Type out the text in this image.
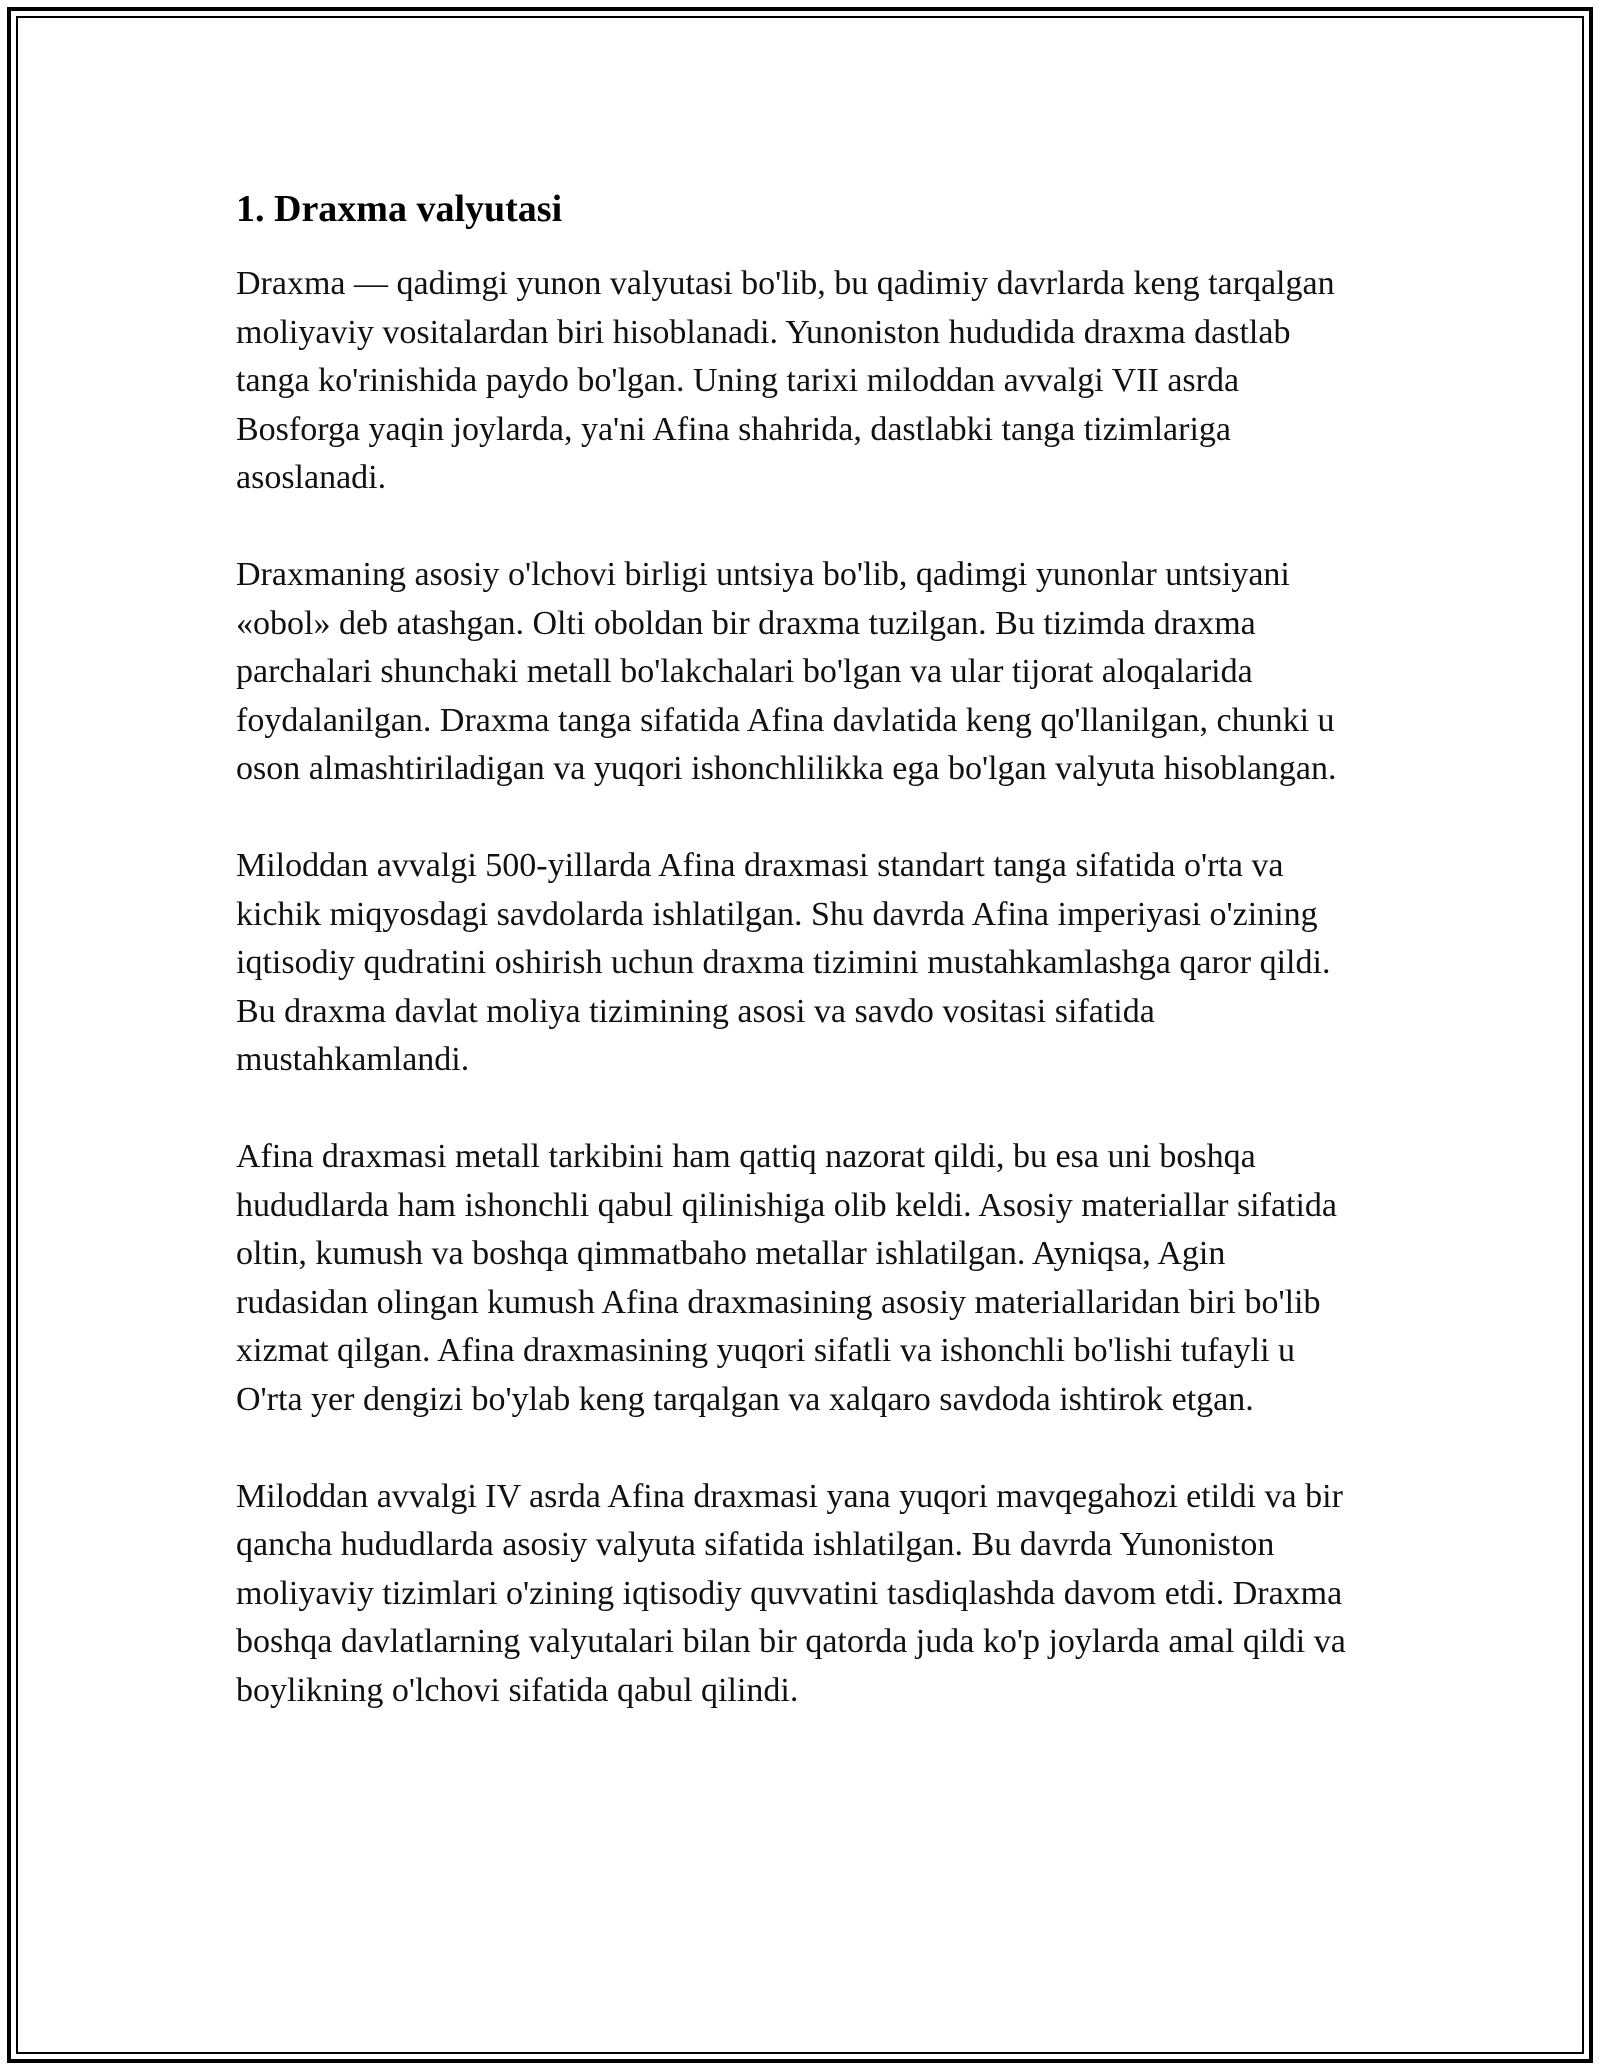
1. Draxma valyutasi

Draxma — qadimgi yunon valyutasi bo'lib, bu qadimiy davrlarda keng tarqalgan moliyaviy vositalardan biri hisoblanadi. Yunoniston hududida draxma dastlab tanga ko'rinishida paydo bo'lgan. Uning tarixi miloddan avvalgi VII asrda Bosforga yaqin joylarda, ya'ni Afina shahrida, dastlabki tanga tizimlariga asoslanadi.

Draxmaning asosiy o'lchovi birligi untsiya bo'lib, qadimgi yunonlar untsiyani «obol» deb atashgan. Olti oboldan bir draxma tuzilgan. Bu tizimda draxma parchalari shunchaki metall bo'lakchalari bo'lgan va ular tijorat aloqalarida foydalanilgan. Draxma tanga sifatida Afina davlatida keng qo'llanilgan, chunki u oson almashtiriladigan va yuqori ishonchlilikka ega bo'lgan valyuta hisoblangan.

Miloddan avvalgi 500-yillarda Afina draxmasi standart tanga sifatida o'rta va kichik miqyosdagi savdolarda ishlatilgan. Shu davrda Afina imperiyasi o'zining iqtisodiy qudratini oshirish uchun draxma tizimini mustahkamlashga qaror qildi. Bu draxma davlat moliya tizimining asosi va savdo vositasi sifatida mustahkamlandi.

Afina draxmasi metall tarkibini ham qattiq nazorat qildi, bu esa uni boshqa hududlarda ham ishonchli qabul qilinishiga olib keldi. Asosiy materiallar sifatida oltin, kumush va boshqa qimmatbaho metallar ishlatilgan. Ayniqsa, Agin rudasidan olingan kumush Afina draxmasining asosiy materiallaridan biri bo'lib xizmat qilgan. Afina draxmasining yuqori sifatli va ishonchli bo'lishi tufayli u O'rta yer dengizi bo'ylab keng tarqalgan va xalqaro savdoda ishtirok etgan.

Miloddan avvalgi IV asrda Afina draxmasi yana yuqori mavqegahozi etildi va bir qancha hududlarda asosiy valyuta sifatida ishlatilgan. Bu davrda Yunoniston moliyaviy tizimlari o'zining iqtisodiy quvvatini tasdiqlashda davom etdi. Draxma boshqa davlatlarning valyutalari bilan bir qatorda juda ko'p joylarda amal qildi va boylikning o'lchovi sifatida qabul qilindi.
